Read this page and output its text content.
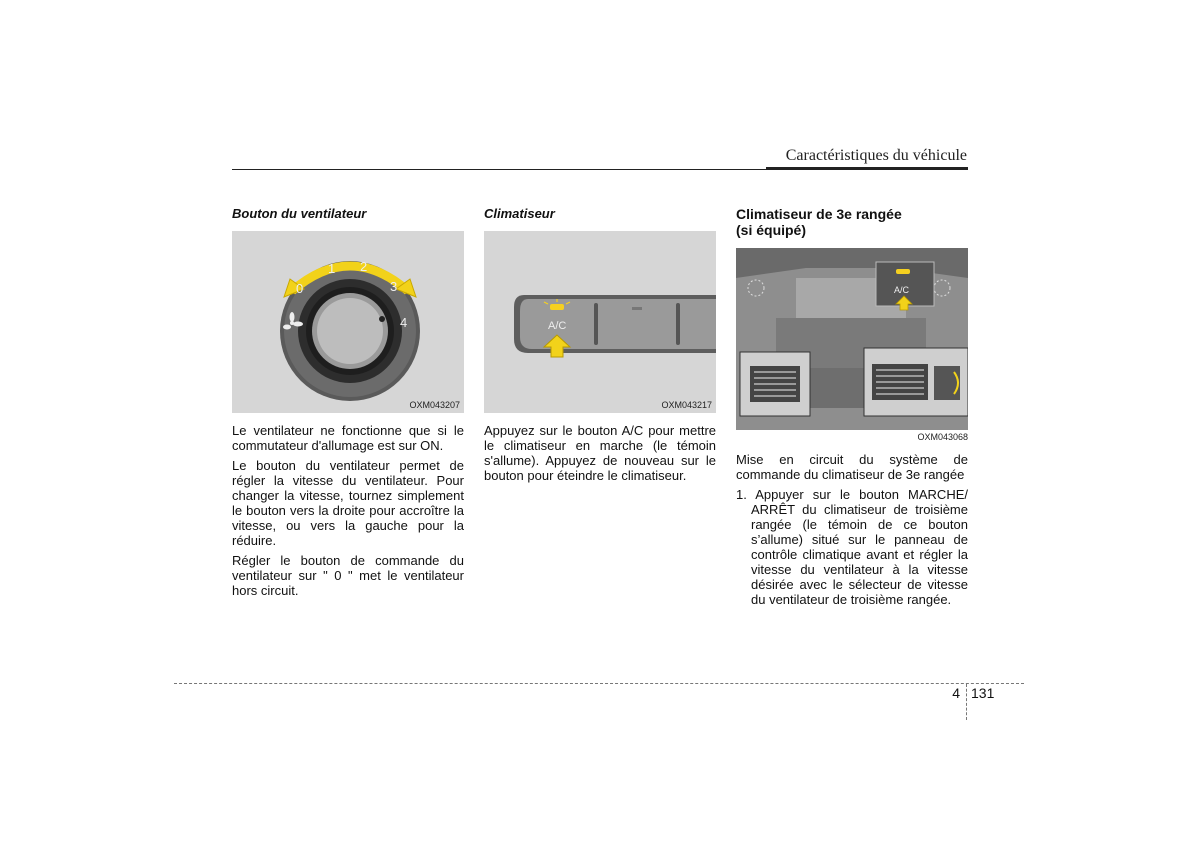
Caractéristiques du véhicule
Bouton du ventilateur
0
1 2
3
4
OXM043207

Le ventilateur ne fonctionne que si le commutateur d'allumage est sur ON.

Le bouton du ventilateur permet de régler la vitesse du ventilateur. Pour changer la vitesse, tournez simplement le bouton vers la droite pour accroître la vitesse, ou vers la gauche pour la réduire.

Régler le bouton de commande du ventilateur sur " 0 " met le ventilateur hors circuit.

Climatiseur
A/C
OXM043217

Appuyez sur le bouton A/C pour mettre le climatiseur en marche (le témoin s'allume). Appuyez de nouveau sur le bouton pour éteindre le climatiseur.

Climatiseur de 3e rangée
(si équipé)
A/C
OXM043068

Mise en circuit du système de commande du climatiseur de 3e rangée

1. Appuyer sur le bouton MARCHE/ ARRÊT du climatiseur de troisième rangée (le témoin de ce bouton s’allume) situé sur le panneau de contrôle climatique avant et régler la vitesse du ventilateur à la vitesse désirée avec le sélecteur de vitesse du ventilateur de troisième rangée.

4 131
